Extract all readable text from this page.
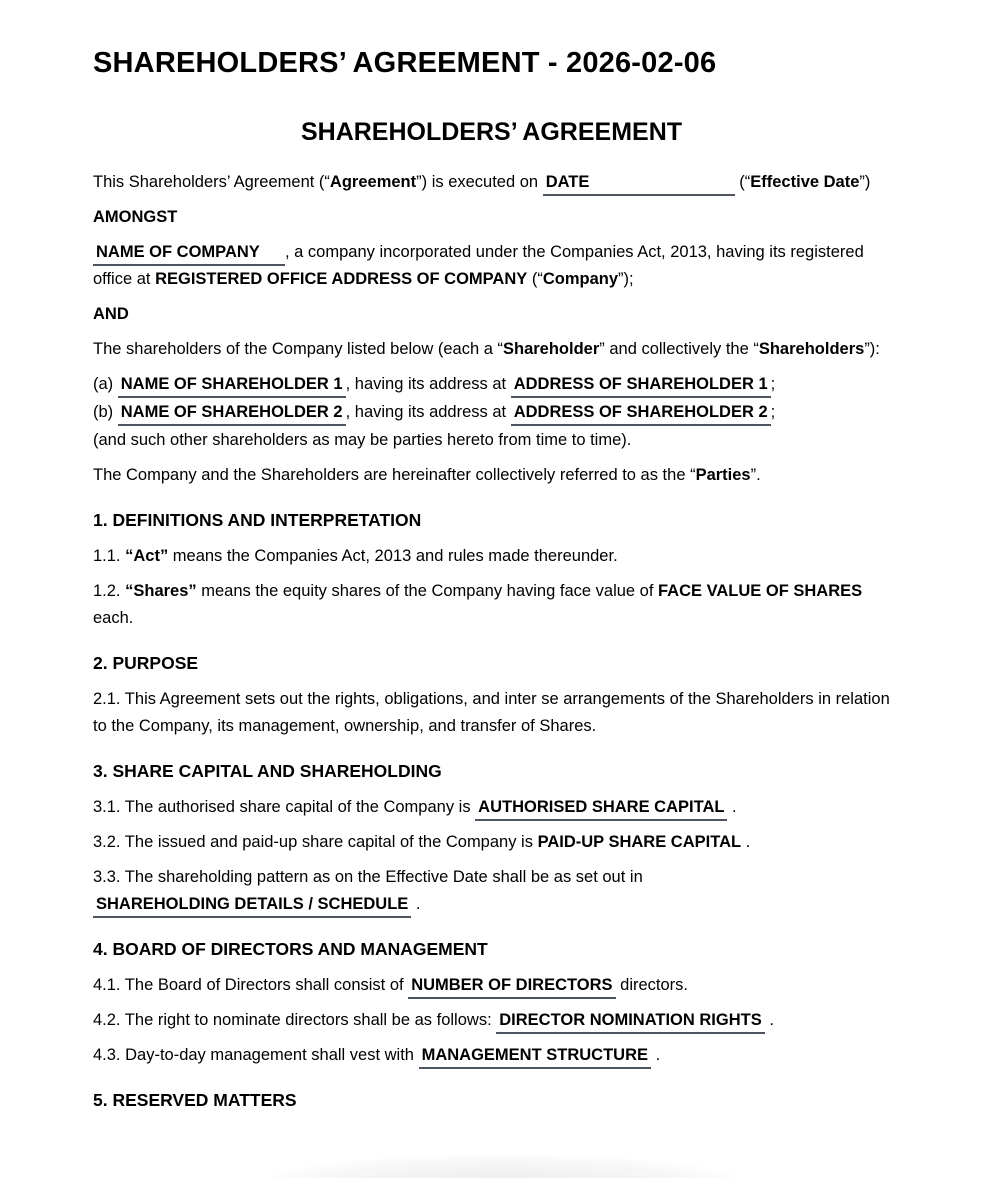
SHAREHOLDERS’ AGREEMENT - 2026-02-06
SHAREHOLDERS’ AGREEMENT

This Shareholders’ Agreement (“Agreement”) is executed on DATE	(“Effective Date”)

AMONGST

NAME OF COMPANY , a company incorporated under the Companies Act, 2013, having its registered office at REGISTERED OFFICE ADDRESS OF COMPANY (“Company”);

AND

The shareholders of the Company listed below (each a “Shareholder” and collectively the “Shareholders”):

(a) NAME OF SHAREHOLDER 1 , having its address at ADDRESS OF SHAREHOLDER 1 ;

(b) NAME OF SHAREHOLDER 2 , having its address at ADDRESS OF SHAREHOLDER 2 ;

(and such other shareholders as may be parties hereto from time to time).

The Company and the Shareholders are hereinafter collectively referred to as the “Parties”.

1. DEFINITIONS AND INTERPRETATION

1.1. “Act” means the Companies Act, 2013 and rules made thereunder.

1.2. “Shares” means the equity shares of the Company having face value of FACE VALUE OF SHARES each.

2. PURPOSE

2.1. This Agreement sets out the rights, obligations, and inter se arrangements of the Shareholders in relation to the Company, its management, ownership, and transfer of Shares.

3. SHARE CAPITAL AND SHAREHOLDING

3.1. The authorised share capital of the Company is AUTHORISED SHARE CAPITAL .

3.2. The issued and paid-up share capital of the Company is PAID-UP SHARE CAPITAL .

3.3. The shareholding pattern as on the Effective Date shall be as set out in SHAREHOLDING DETAILS / SCHEDULE .

4. BOARD OF DIRECTORS AND MANAGEMENT

4.1. The Board of Directors shall consist of NUMBER OF DIRECTORS directors.

4.2. The right to nominate directors shall be as follows: DIRECTOR NOMINATION RIGHTS .

4.3. Day-to-day management shall vest with MANAGEMENT STRUCTURE .

5. RESERVED MATTERS
